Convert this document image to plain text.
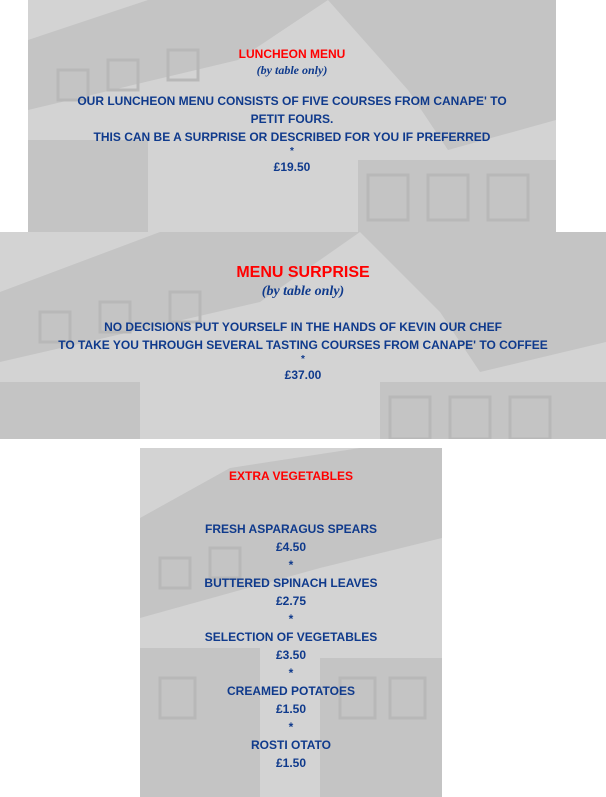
LUNCHEON MENU
(by table only)
OUR LUNCHEON MENU CONSISTS OF FIVE COURSES FROM CANAPE' TO
PETIT FOURS.
THIS CAN BE A SURPRISE OR DESCRIBED FOR YOU IF PREFERRED
*
£19.50
MENU SURPRISE
(by table only)
NO DECISIONS PUT YOURSELF IN THE HANDS OF KEVIN OUR CHEF
TO TAKE YOU THROUGH SEVERAL TASTING COURSES FROM CANAPE' TO COFFEE
*
£37.00
EXTRA VEGETABLES
FRESH ASPARAGUS SPEARS
£4.50
*
BUTTERED SPINACH LEAVES
£2.75
*
SELECTION OF VEGETABLES
£3.50
*
CREAMED POTATOES
£1.50
*
ROSTI OTATO
£1.50
